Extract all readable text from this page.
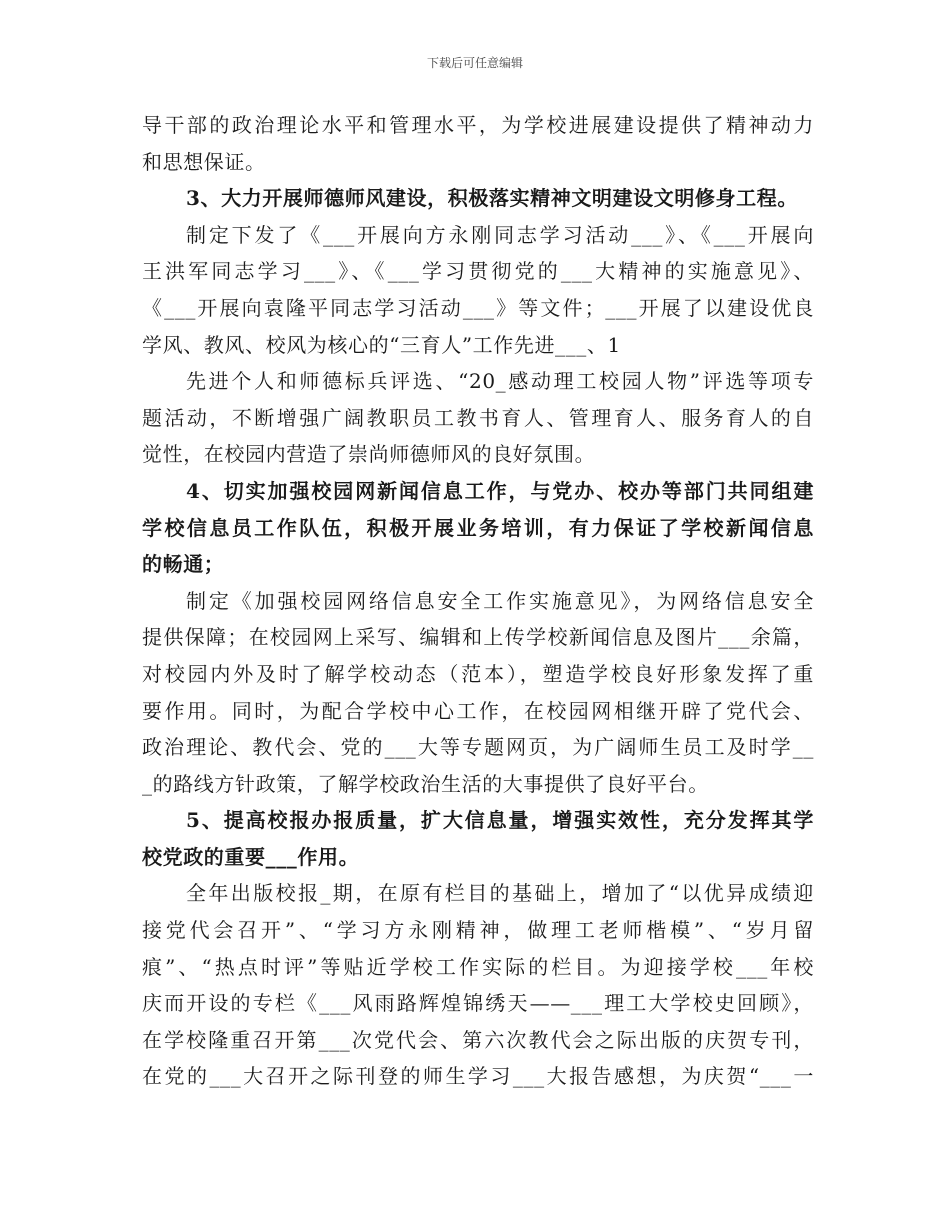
下载后可任意编辑
导干部的政治理论水平和管理水平，为学校进展建设提供了精神动力
和思想保证。
3、大力开展师德师风建设，积极落实精神文明建设文明修身工程。
制定下发了《___开展向方永刚同志学习活动___》、《___开展向
王洪军同志学习___》、《___学习贯彻党的___大精神的实施意见》、
《___开展向袁隆平同志学习活动___》等文件；___开展了以建设优良
学风、教风、校风为核心的“三育人”工作先进___、1
先进个人和师德标兵评选、“20_感动理工校园人物”评选等项专
题活动，不断增强广阔教职员工教书育人、管理育人、服务育人的自
觉性，在校园内营造了崇尚师德师风的良好氛围。
4、切实加强校园网新闻信息工作，与党办、校办等部门共同组建
学校信息员工作队伍，积极开展业务培训，有力保证了学校新闻信息
的畅通；
制定《加强校园网络信息安全工作实施意见》，为网络信息安全
提供保障；在校园网上采写、编辑和上传学校新闻信息及图片___余篇，
对校园内外及时了解学校动态（范本），塑造学校良好形象发挥了重
要作用。同时，为配合学校中心工作，在校园网相继开辟了党代会、
政治理论、教代会、党的___大等专题网页，为广阔师生员工及时学__
_的路线方针政策，了解学校政治生活的大事提供了良好平台。
5、提高校报办报质量，扩大信息量，增强实效性，充分发挥其学
校党政的重要___作用。
全年出版校报_期，在原有栏目的基础上，增加了“以优异成绩迎
接党代会召开”、“学习方永刚精神，做理工老师楷模”、“岁月留
痕”、“热点时评”等贴近学校工作实际的栏目。为迎接学校___年校
庆而开设的专栏《___风雨路辉煌锦绣天——___理工大学校史回顾》，
在学校隆重召开第___次党代会、第六次教代会之际出版的庆贺专刊，
在党的___大召开之际刊登的师生学习___大报告感想，为庆贺“___一
